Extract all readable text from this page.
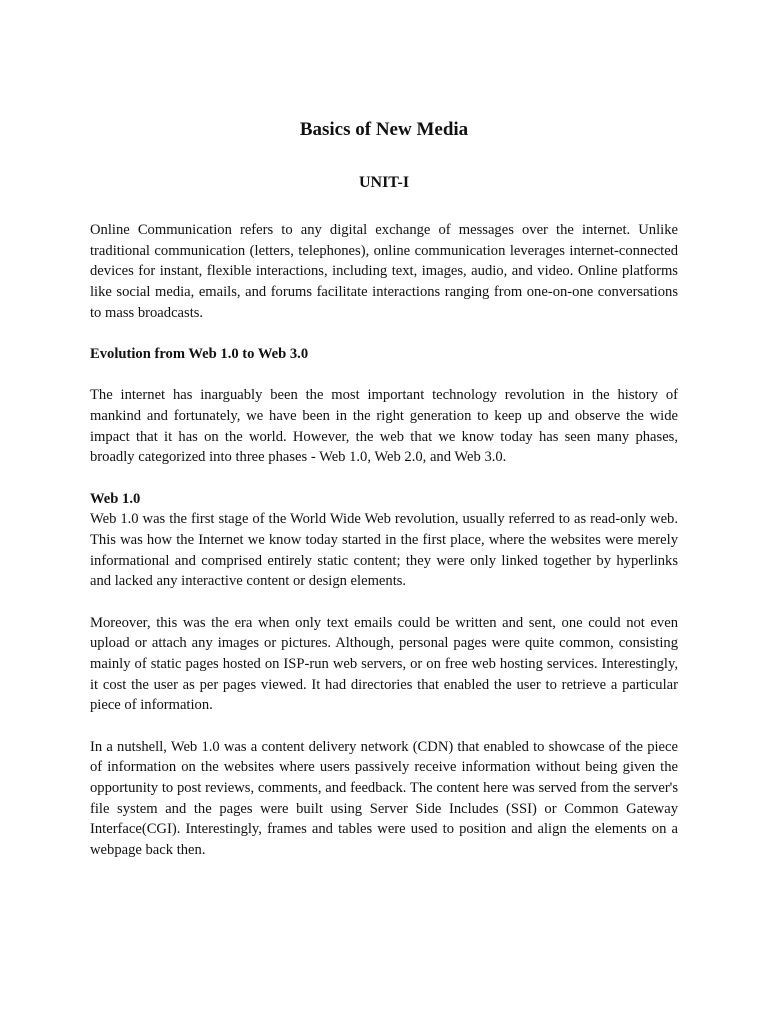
Basics of New Media
UNIT-I

Online Communication refers to any digital exchange of messages over the internet. Unlike traditional communication (letters, telephones), online communication leverages internet-connected devices for instant, flexible interactions, including text, images, audio, and video. Online platforms like social media, emails, and forums facilitate interactions ranging from one-on-one conversations to mass broadcasts.

Evolution from Web 1.0 to Web 3.0

The internet has inarguably been the most important technology revolution in the history of mankind and fortunately, we have been in the right generation to keep up and observe the wide impact that it has on the world. However, the web that we know today has seen many phases, broadly categorized into three phases - Web 1.0, Web 2.0, and Web 3.0.

Web 1.0

Web 1.0 was the first stage of the World Wide Web revolution, usually referred to as read-only web. This was how the Internet we know today started in the first place, where the websites were merely informational and comprised entirely static content; they were only linked together by hyperlinks and lacked any interactive content or design elements.

Moreover, this was the era when only text emails could be written and sent, one could not even upload or attach any images or pictures. Although, personal pages were quite common, consisting mainly of static pages hosted on ISP-run web servers, or on free web hosting services. Interestingly, it cost the user as per pages viewed. It had directories that enabled the user to retrieve a particular piece of information.

In a nutshell, Web 1.0 was a content delivery network (CDN) that enabled to showcase of the piece of information on the websites where users passively receive information without being given the opportunity to post reviews, comments, and feedback. The content here was served from the server's file system and the pages were built using Server Side Includes (SSI) or Common Gateway Interface(CGI). Interestingly, frames and tables were used to position and align the elements on a webpage back then.
